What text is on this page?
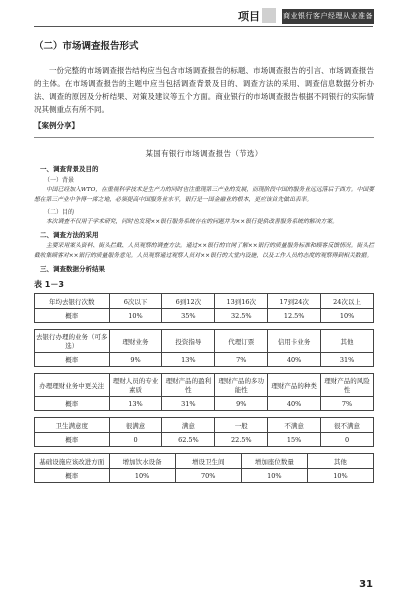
项目	商业银行客户经理从业准备
（二）市场调查报告形式

一份完整的市场调查报告结构应当包含市场调查报告的标题、市场调查报告的引言、市场调查报告的主体。在市场调查报告的主题中应当包括调查背景及目的、调查方法的采用、调查信息数据分析办法、调查的原因及分析结果、对策及建议等五个方面。商业银行的市场调查报告根据不同银行的实际情况其侧重点有所不同。

【案例分享】
某国有银行市场调查报告（节选）
一、调查背景及目的
（一）背景

中国已经加入WTO，在重视科学技术是生产力的同时也注重现第三产业的发展，而现阶段中国的服务业远远落后于西方。中国要想在第三产业中争得一席之地，必须提高中国服务业水平，银行是一国金融业的根本，更应该首先做出表率。

（二）目的

本次调查不仅用于学术研究，同时也发现××银行服务系统存在的问题并为××银行提供改善服务系统的解决方案。

二、调查方法的采用

主要采用案头资料、街头拦截、人员观察的调查方法。通过××银行的官网了解××银行的质量服务标准和顾客反馈情况。街头拦截收集顾客对××银行的质量服务意见。人员观察通过观察人员对××银行的大堂内设施，以及工作人员的态度的观察得到相关数据。

三、调查数据分析结果
表 1－3
年均去银行次数	6次以下	6到12次	13到16次	17到24次	24次以上
概率	10%	35%	32.5%	12.5%	10%
去银行办理的业务（可多选）	理财业务	投资指导	代理订票	信用卡业务	其他
概率	9%	13%	7%	40%	31%
办理理财业务中更关注	理财人员的专业素质	理财产品的盈利性	理财产品的多功能性	理财产品的种类	理财产品的风险性
概率	13%	31%	9%	40%	7%
卫生满意度	很满意	满意	一般	不满意	很不满意
概率	0	62.5%	22.5%	15%	0
基础设施应该改进方面	增加饮水设备	增设卫生间	增加座位数量	其他
概率	10%	70%	10%	10%
31
